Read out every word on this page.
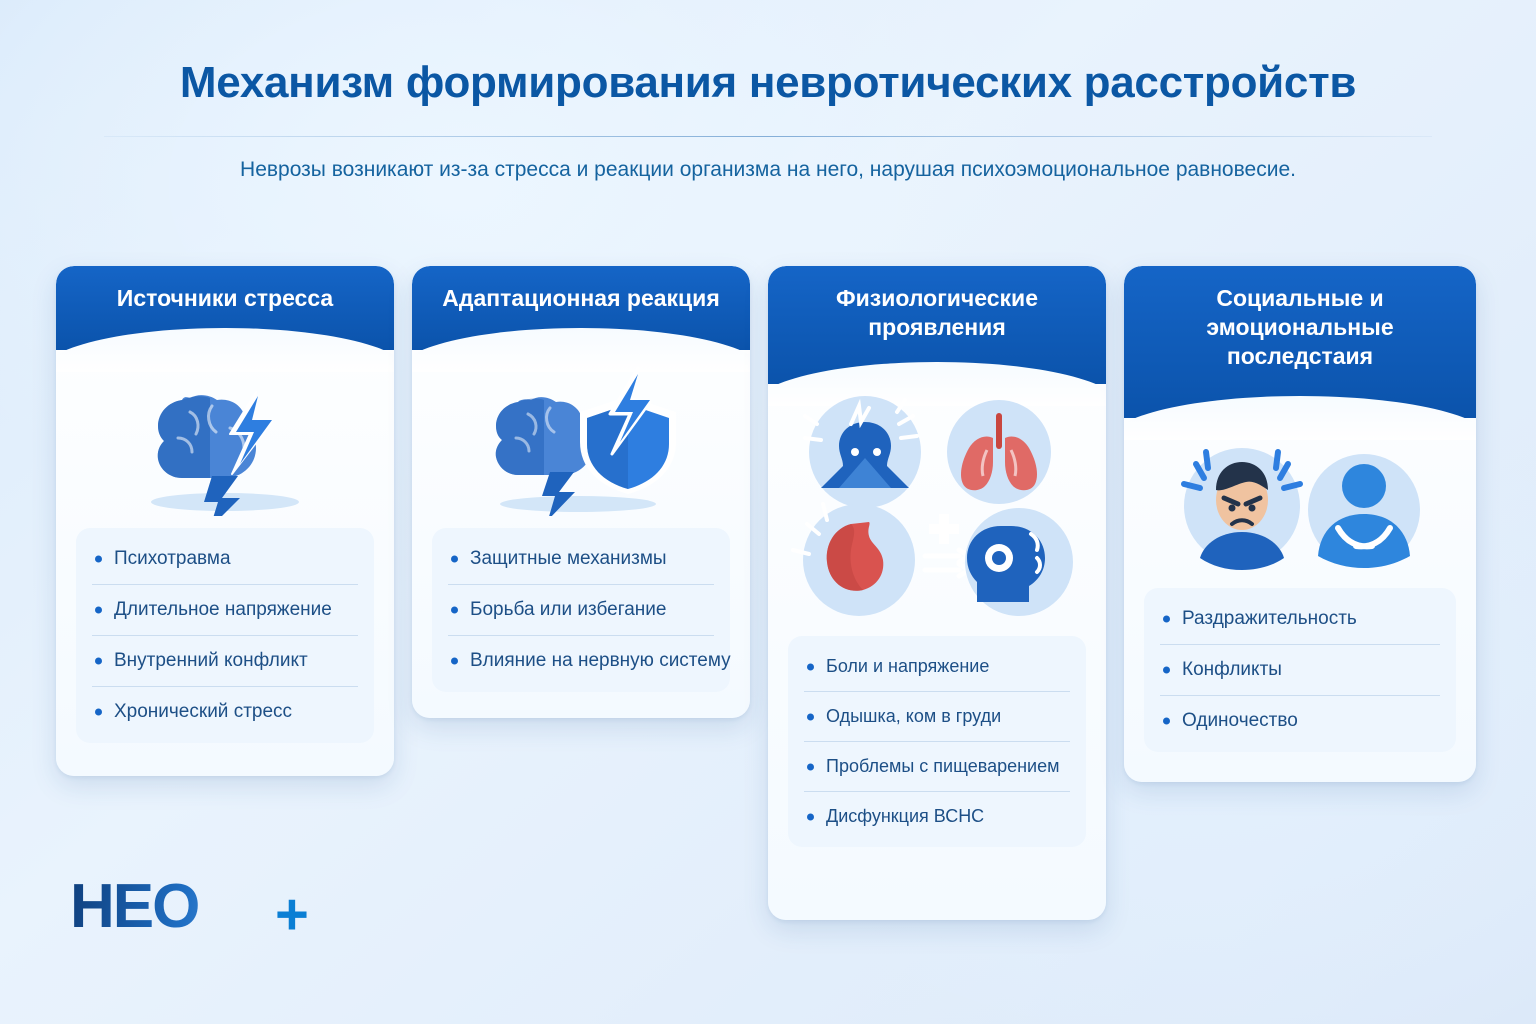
Механизм формирования невротических расстройств
Неврозы возникают из-за стресса и реакции организма на него, нарушая психоэмоциональное равновесие.
Источники стресса
Психотравма
Длительное напряжение
Внутренний конфликт
Хронический стресс
Адаптационная реакция
Защитные механизмы
Борьба или избегание
Влияние на нервную систему
Физиологические проявления
Боли и напряжение
Одышка, ком в груди
Проблемы с пищеварением
Дисфункция ВСНС
Социальные и эмоциональные последстаия
Раздражительность
Конфликты
Одиночество
HEO	+
